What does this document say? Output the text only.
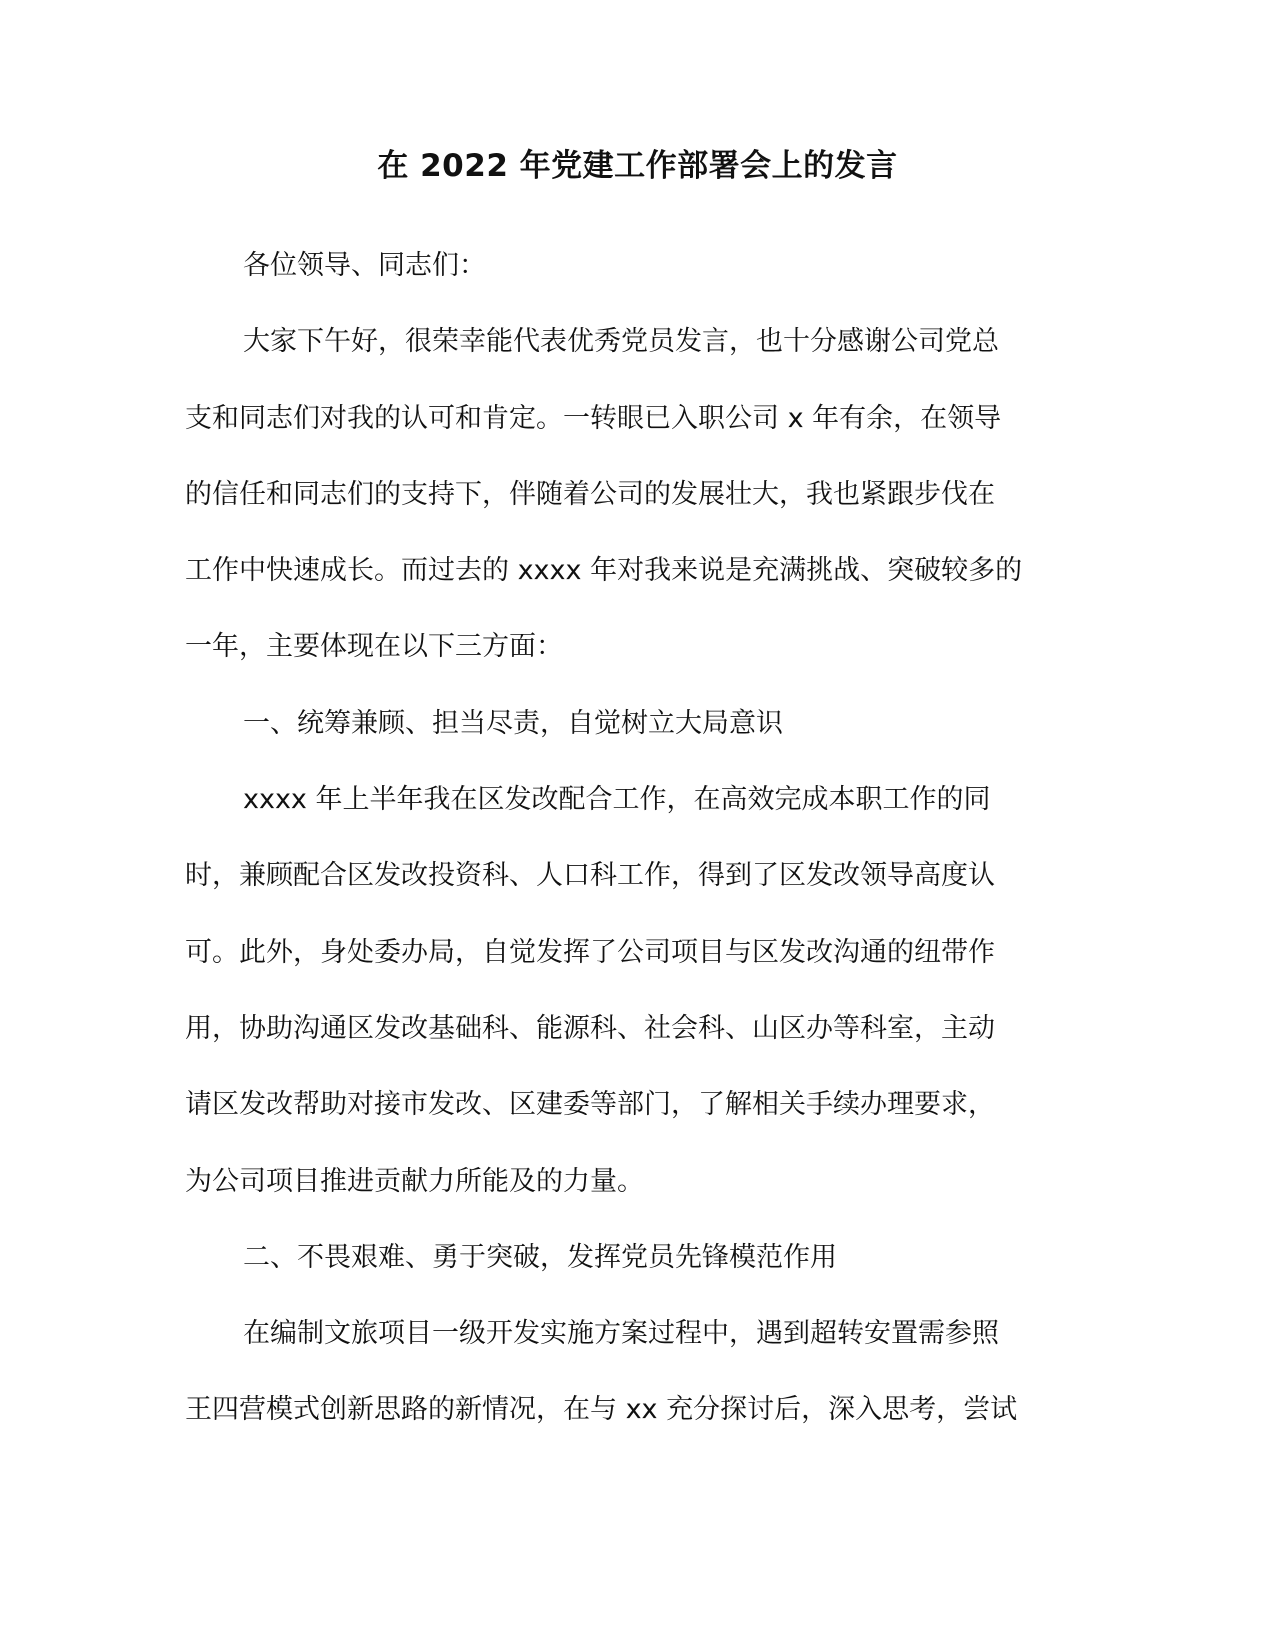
在 2022 年党建工作部署会上的发言
各位领导、同志们：
大家下午好，很荣幸能代表优秀党员发言，也十分感谢公司党总
支和同志们对我的认可和肯定。一转眼已入职公司 x 年有余，在领导
的信任和同志们的支持下，伴随着公司的发展壮大，我也紧跟步伐在
工作中快速成长。而过去的 xxxx 年对我来说是充满挑战、突破较多的
一年，主要体现在以下三方面：
一、统筹兼顾、担当尽责，自觉树立大局意识
xxxx 年上半年我在区发改配合工作，在高效完成本职工作的同
时，兼顾配合区发改投资科、人口科工作，得到了区发改领导高度认
可。此外，身处委办局，自觉发挥了公司项目与区发改沟通的纽带作
用，协助沟通区发改基础科、能源科、社会科、山区办等科室，主动
请区发改帮助对接市发改、区建委等部门，了解相关手续办理要求，
为公司项目推进贡献力所能及的力量。
二、不畏艰难、勇于突破，发挥党员先锋模范作用
在编制文旅项目一级开发实施方案过程中，遇到超转安置需参照
王四营模式创新思路的新情况，在与 xx 充分探讨后，深入思考，尝试
